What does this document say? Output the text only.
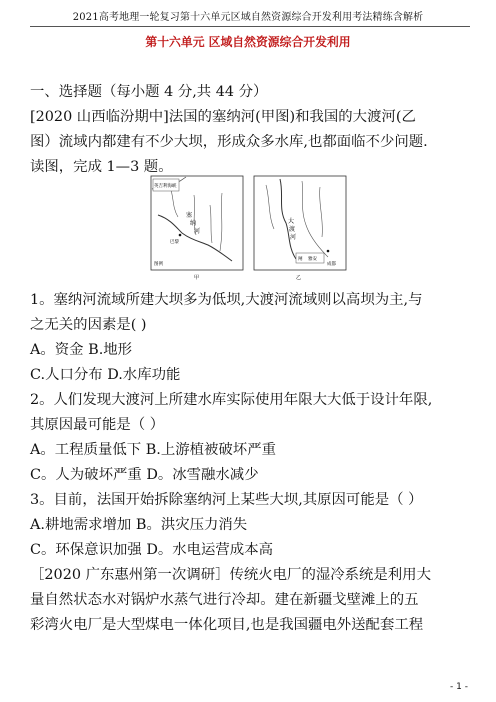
2021高考地理一轮复习第十六单元区域自然资源综合开发利用考法精练含解析
第十六单元 区域自然资源综合开发利用
一、选择题（每小题 4 分,共 44 分）
[2020 山西临汾期中]法国的塞纳河(甲图)和我国的大渡河(乙
图）流域内都建有不少大坝，形成众多水库,也都面临不少问题.
读图，完成 1—3 题。
英吉利海峡
塞
纳
河
巴黎
图例
甲
大
渡
河
闸 雅安
成都
乙
1。塞纳河流域所建大坝多为低坝,大渡河流域则以高坝为主,与
之无关的因素是( )
A。资金 B.地形
C.人口分布 D.水库功能
2。人们发现大渡河上所建水库实际使用年限大大低于设计年限,
其原因最可能是（ ）
A。工程质量低下 B.上游植被破坏严重
C。人为破坏严重 D。冰雪融水减少
3。目前，法国开始拆除塞纳河上某些大坝,其原因可能是（ ）
A.耕地需求增加 B。洪灾压力消失
C。环保意识加强 D。水电运营成本高
［2020 广东惠州第一次调研］传统火电厂的湿冷系统是利用大
量自然状态水对锅炉水蒸气进行冷却。建在新疆戈壁滩上的五
彩湾火电厂是大型煤电一体化项目,也是我国疆电外送配套工程
- 1 -
